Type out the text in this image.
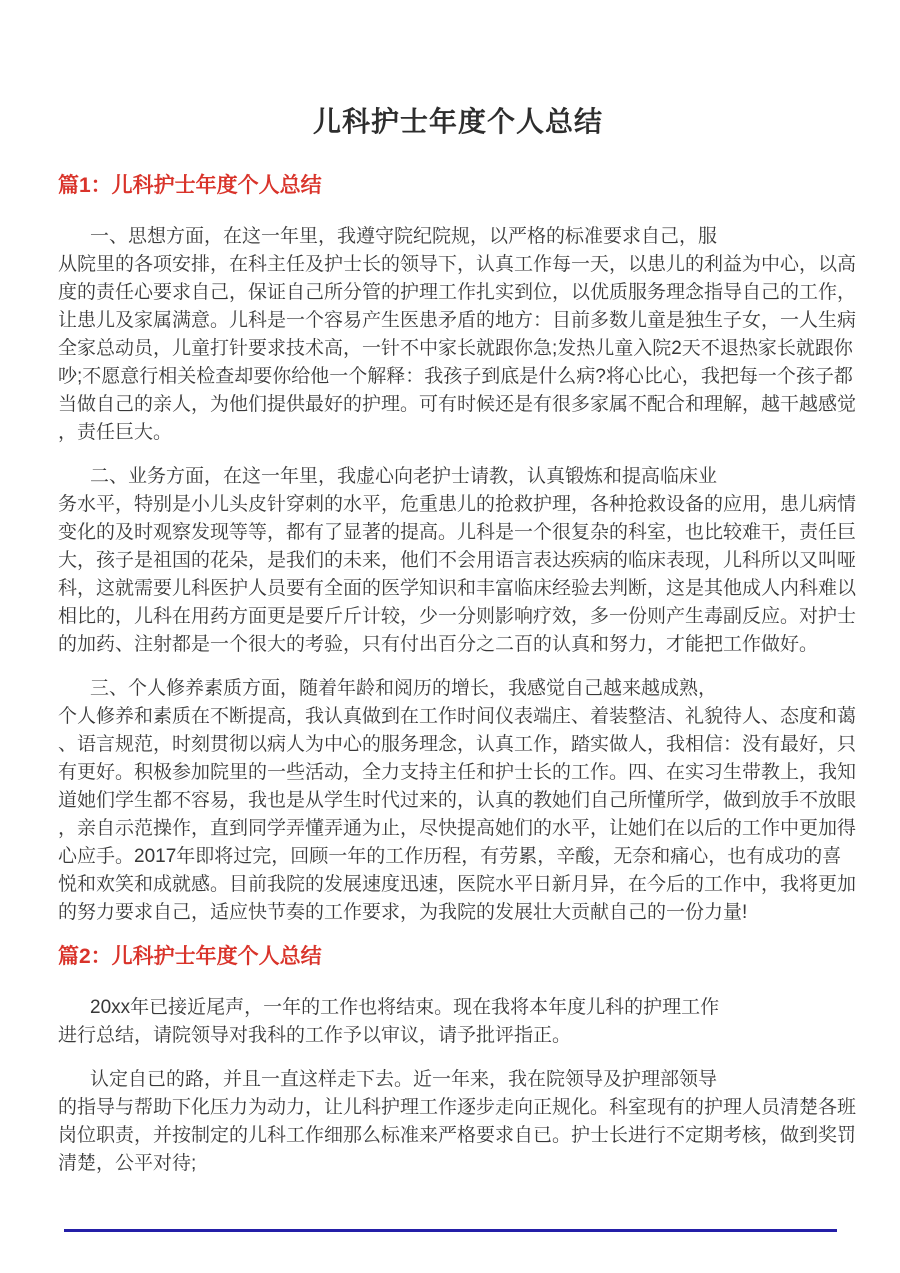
儿科护士年度个人总结
篇1：儿科护士年度个人总结

一、思想方面，在这一年里，我遵守院纪院规，以严格的标准要求自己，服
从院里的各项安排，在科主任及护士长的领导下，认真工作每一天，以患儿的利益为中心，以高度的责任心要求自己，保证自己所分管的护理工作扎实到位，以优质服务理念指导自己的工作，让患儿及家属满意。儿科是一个容易产生医患矛盾的地方：目前多数儿童是独生子女，一人生病全家总动员，儿童打针要求技术高，一针不中家长就跟你急;发热儿童入院2天不退热家长就跟你吵;不愿意行相关检查却要你给他一个解释：我孩子到底是什么病?将心比心，我把每一个孩子都当做自己的亲人，为他们提供最好的护理。可有时候还是有很多家属不配合和理解，越干越感觉，责任巨大。

二、业务方面，在这一年里，我虚心向老护士请教，认真锻炼和提高临床业
务水平，特别是小儿头皮针穿刺的水平，危重患儿的抢救护理，各种抢救设备的应用，患儿病情变化的及时观察发现等等，都有了显著的提高。儿科是一个很复杂的科室，也比较难干，责任巨大，孩子是祖国的花朵，是我们的未来，他们不会用语言表达疾病的临床表现，儿科所以又叫哑科，这就需要儿科医护人员要有全面的医学知识和丰富临床经验去判断，这是其他成人内科难以相比的，儿科在用药方面更是要斤斤计较，少一分则影响疗效，多一份则产生毒副反应。对护士的加药、注射都是一个很大的考验，只有付出百分之二百的认真和努力，才能把工作做好。

三、个人修养素质方面，随着年龄和阅历的增长，我感觉自己越来越成熟，
个人修养和素质在不断提高，我认真做到在工作时间仪表端庄、着装整洁、礼貌待人、态度和蔼、语言规范，时刻贯彻以病人为中心的服务理念，认真工作，踏实做人，我相信：没有最好，只有更好。积极参加院里的一些活动，全力支持主任和护士长的工作。四、在实习生带教上，我知道她们学生都不容易，我也是从学生时代过来的，认真的教她们自己所懂所学，做到放手不放眼，亲自示范操作，直到同学弄懂弄通为止，尽快提高她们的水平，让她们在以后的工作中更加得心应手。2017年即将过完，回顾一年的工作历程，有劳累，辛酸，无奈和痛心，也有成功的喜悦和欢笑和成就感。目前我院的发展速度迅速，医院水平日新月异，在今后的工作中，我将更加的努力要求自己，适应快节奏的工作要求，为我院的发展壮大贡献自己的一份力量!

篇2：儿科护士年度个人总结

20xx年已接近尾声，一年的工作也将结束。现在我将本年度儿科的护理工作
进行总结，请院领导对我科的工作予以审议，请予批评指正。

认定自已的路，并且一直这样走下去。近一年来，我在院领导及护理部领导
的指导与帮助下化压力为动力，让儿科护理工作逐步走向正规化。科室现有的护理人员清楚各班岗位职责，并按制定的儿科工作细那么标准来严格要求自已。护士长进行不定期考核，做到奖罚清楚，公平对待;
